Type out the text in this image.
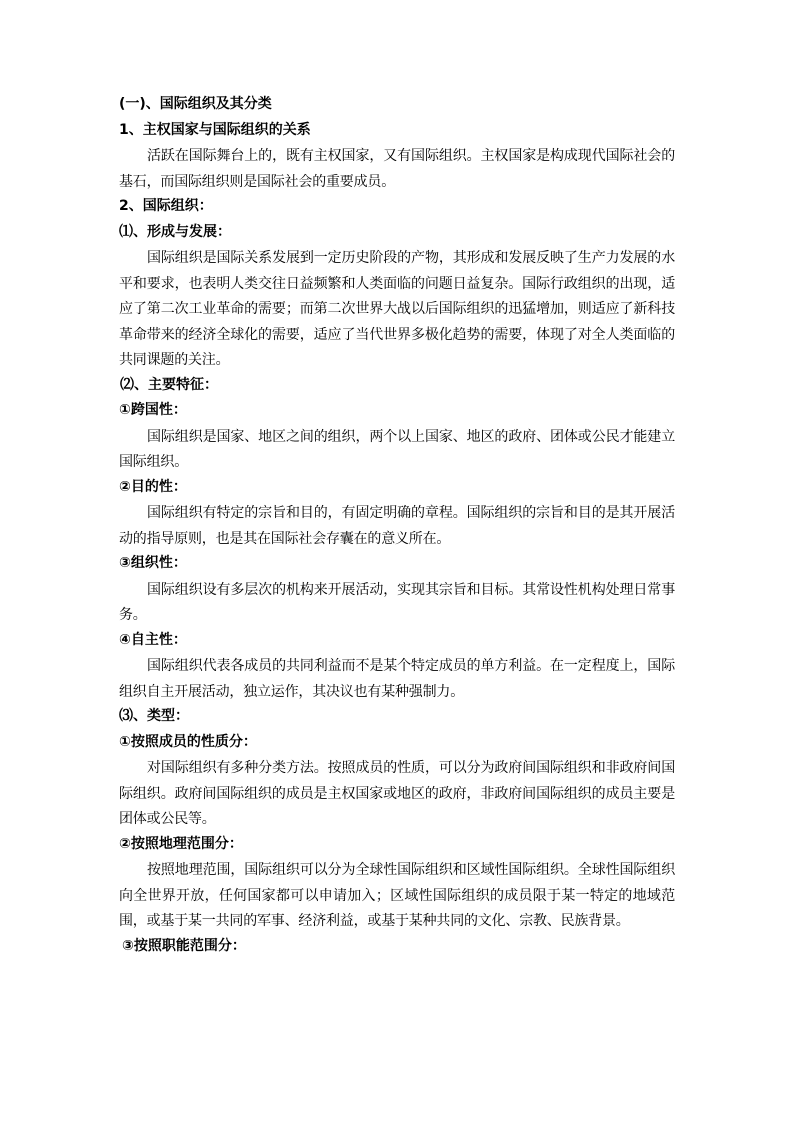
(一)、国际组织及其分类
1、主权国家与国际组织的关系

活跃在国际舞台上的，既有主权国家，又有国际组织。主权国家是构成现代国际社会的基石，而国际组织则是国际社会的重要成员。

2、国际组织：
⑴、形成与发展：

国际组织是国际关系发展到一定历史阶段的产物，其形成和发展反映了生产力发展的水平和要求，也表明人类交往日益频繁和人类面临的问题日益复杂。国际行政组织的出现，适应了第二次工业革命的需要；而第二次世界大战以后国际组织的迅猛增加，则适应了新科技革命带来的经济全球化的需要，适应了当代世界多极化趋势的需要，体现了对全人类面临的共同课题的关注。

⑵、主要特征：
①跨国性：

国际组织是国家、地区之间的组织，两个以上国家、地区的政府、团体或公民才能建立国际组织。

②目的性：

国际组织有特定的宗旨和目的，有固定明确的章程。国际组织的宗旨和目的是其开展活动的指导原则，也是其在国际社会存囊在的意义所在。

③组织性：

国际组织设有多层次的机构来开展活动，实现其宗旨和目标。其常设性机构处理日常事务。

④自主性：

国际组织代表各成员的共同利益而不是某个特定成员的单方利益。在一定程度上，国际组织自主开展活动，独立运作，其决议也有某种强制力。

⑶、类型：
①按照成员的性质分：

对国际组织有多种分类方法。按照成员的性质，可以分为政府间国际组织和非政府间国际组织。政府间国际组织的成员是主权国家或地区的政府，非政府间国际组织的成员主要是团体或公民等。

②按照地理范围分：

按照地理范围，国际组织可以分为全球性国际组织和区域性国际组织。全球性国际组织向全世界开放，任何国家都可以申请加入；区域性国际组织的成员限于某一特定的地域范围，或基于某一共同的军事、经济利益，或基于某种共同的文化、宗教、民族背景。

③按照职能范围分：
